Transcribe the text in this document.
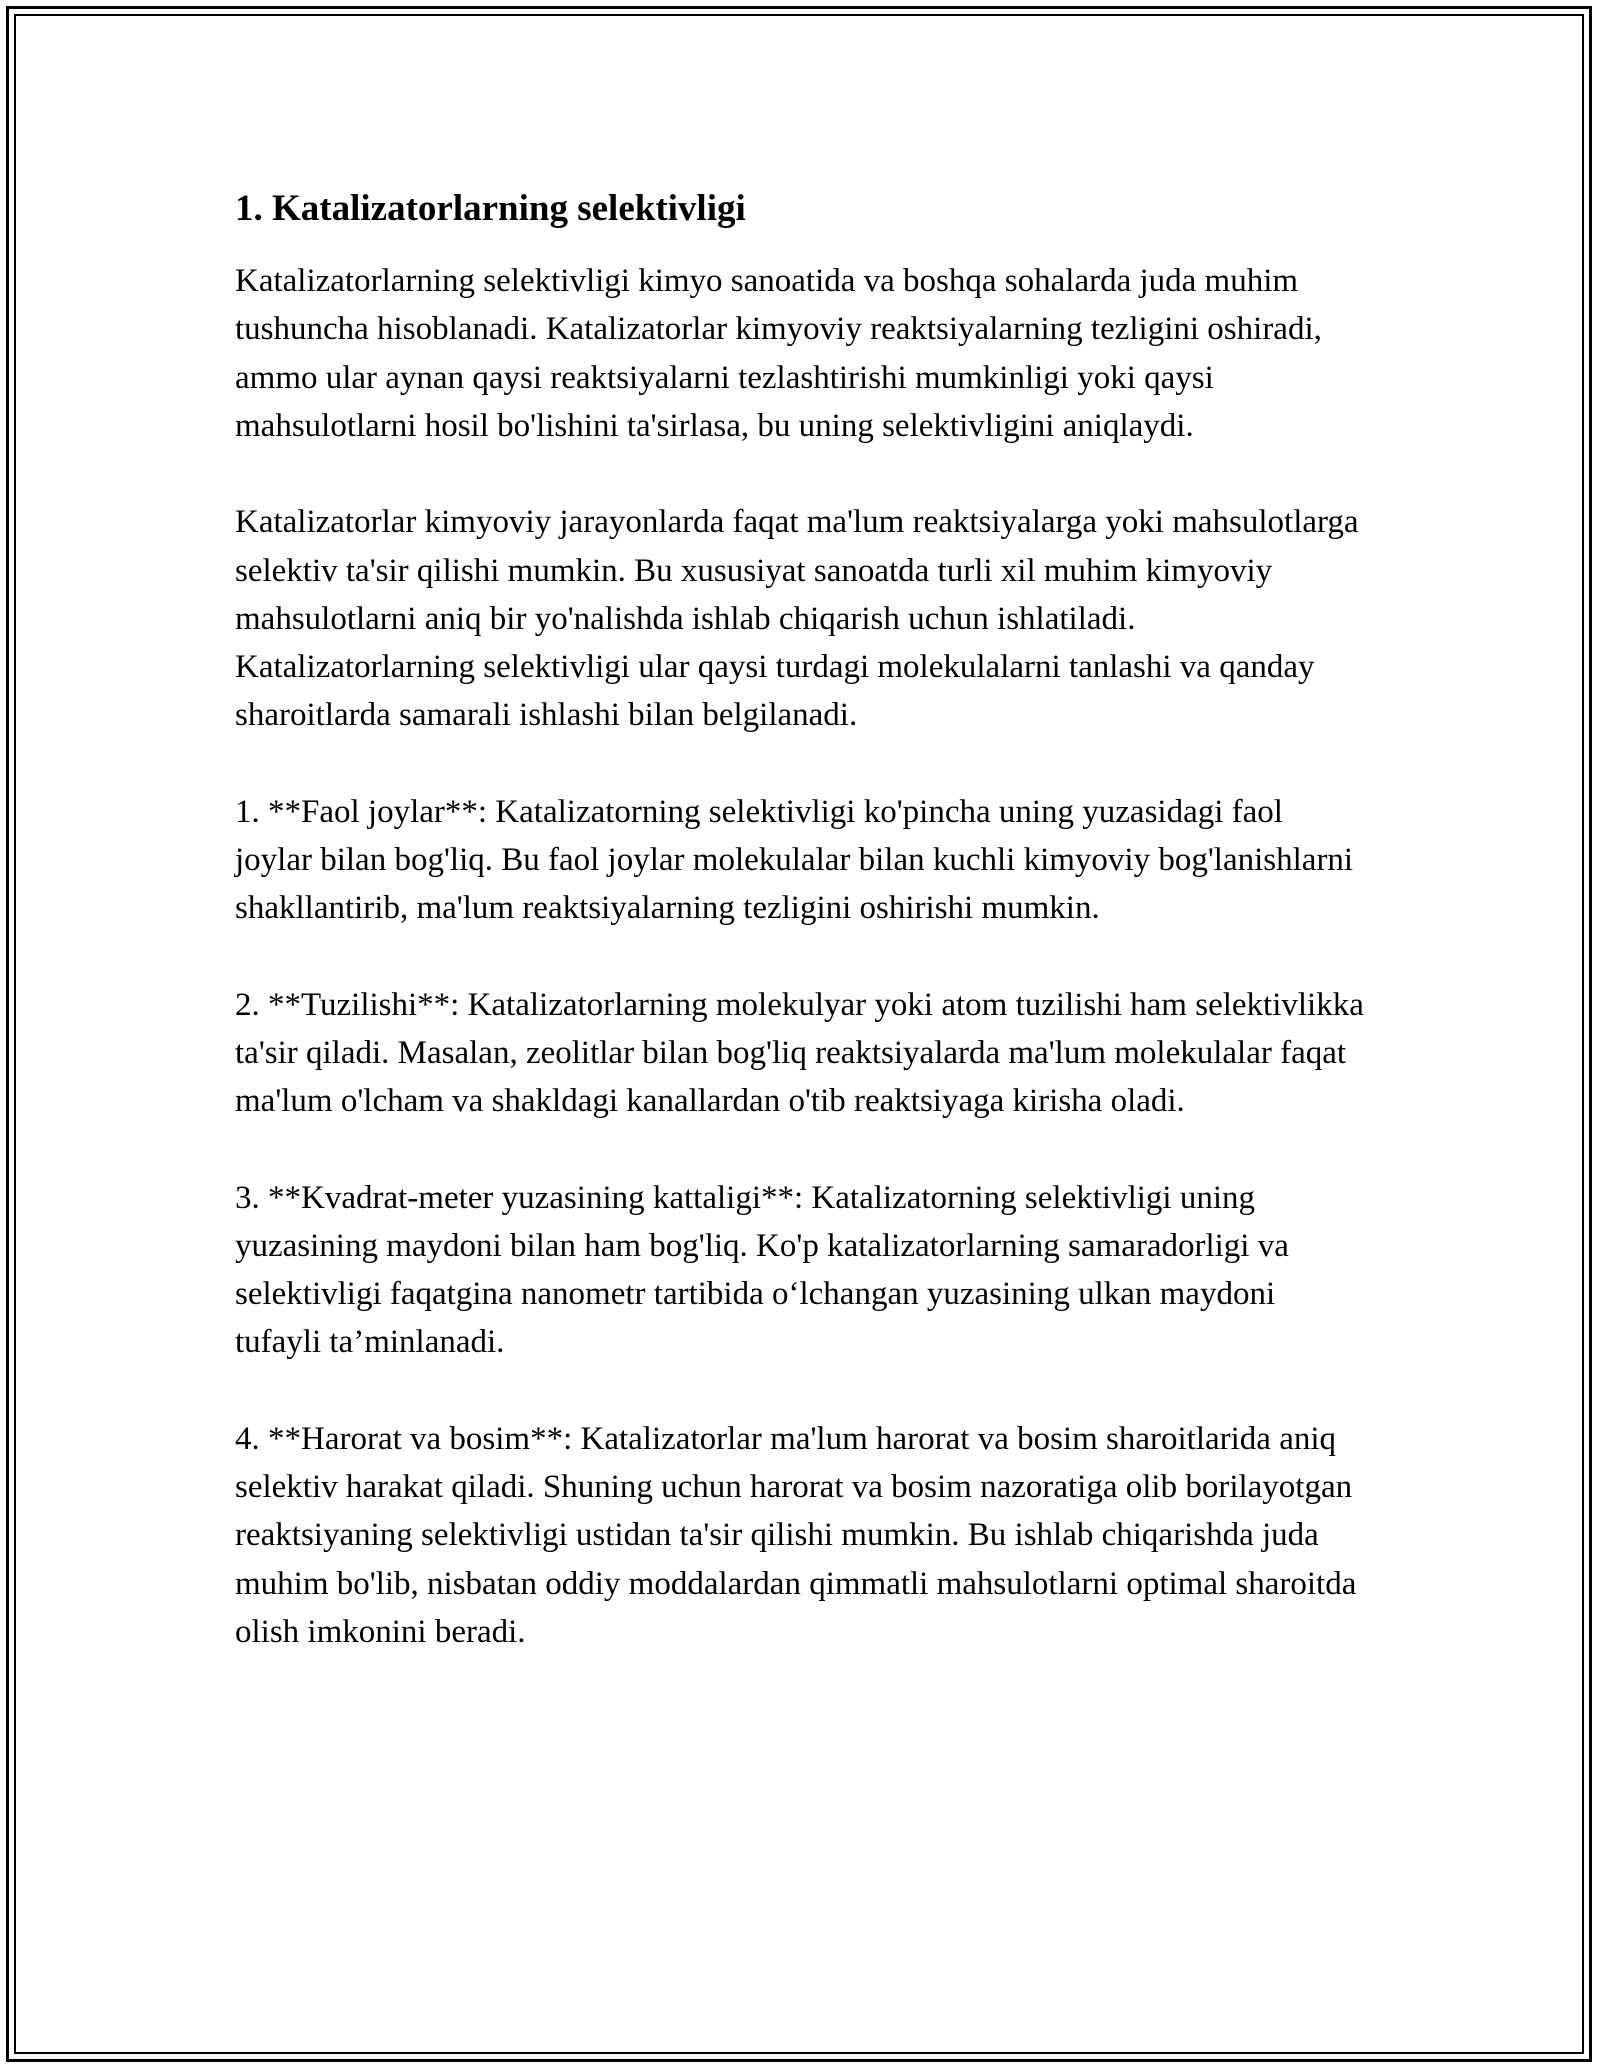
1. Katalizatorlarning selektivligi

Katalizatorlarning selektivligi kimyo sanoatida va boshqa sohalarda juda muhim tushuncha hisoblanadi. Katalizatorlar kimyoviy reaktsiyalarning tezligini oshiradi, ammo ular aynan qaysi reaktsiyalarni tezlashtirishi mumkinligi yoki qaysi mahsulotlarni hosil bo'lishini ta'sirlasa, bu uning selektivligini aniqlaydi.

Katalizatorlar kimyoviy jarayonlarda faqat ma'lum reaktsiyalarga yoki mahsulotlarga selektiv ta'sir qilishi mumkin. Bu xususiyat sanoatda turli xil muhim kimyoviy mahsulotlarni aniq bir yo'nalishda ishlab chiqarish uchun ishlatiladi. Katalizatorlarning selektivligi ular qaysi turdagi molekulalarni tanlashi va qanday sharoitlarda samarali ishlashi bilan belgilanadi.

1. **Faol joylar**: Katalizatorning selektivligi ko'pincha uning yuzasidagi faol joylar bilan bog'liq. Bu faol joylar molekulalar bilan kuchli kimyoviy bog'lanishlarni shakllantirib, ma'lum reaktsiyalarning tezligini oshirishi mumkin.

2. **Tuzilishi**: Katalizatorlarning molekulyar yoki atom tuzilishi ham selektivlikka ta'sir qiladi. Masalan, zeolitlar bilan bog'liq reaktsiyalarda ma'lum molekulalar faqat ma'lum o'lcham va shakldagi kanallardan o'tib reaktsiyaga kirisha oladi.

3. **Kvadrat-meter yuzasining kattaligi**: Katalizatorning selektivligi uning yuzasining maydoni bilan ham bog'liq. Ko'p katalizatorlarning samaradorligi va selektivligi faqatgina nanometr tartibida o‘lchangan yuzasining ulkan maydoni tufayli ta’minlanadi.

4. **Harorat va bosim**: Katalizatorlar ma'lum harorat va bosim sharoitlarida aniq selektiv harakat qiladi. Shuning uchun harorat va bosim nazoratiga olib borilayotgan reaktsiyaning selektivligi ustidan ta'sir qilishi mumkin. Bu ishlab chiqarishda juda muhim bo'lib, nisbatan oddiy moddalardan qimmatli mahsulotlarni optimal sharoitda olish imkonini beradi.
